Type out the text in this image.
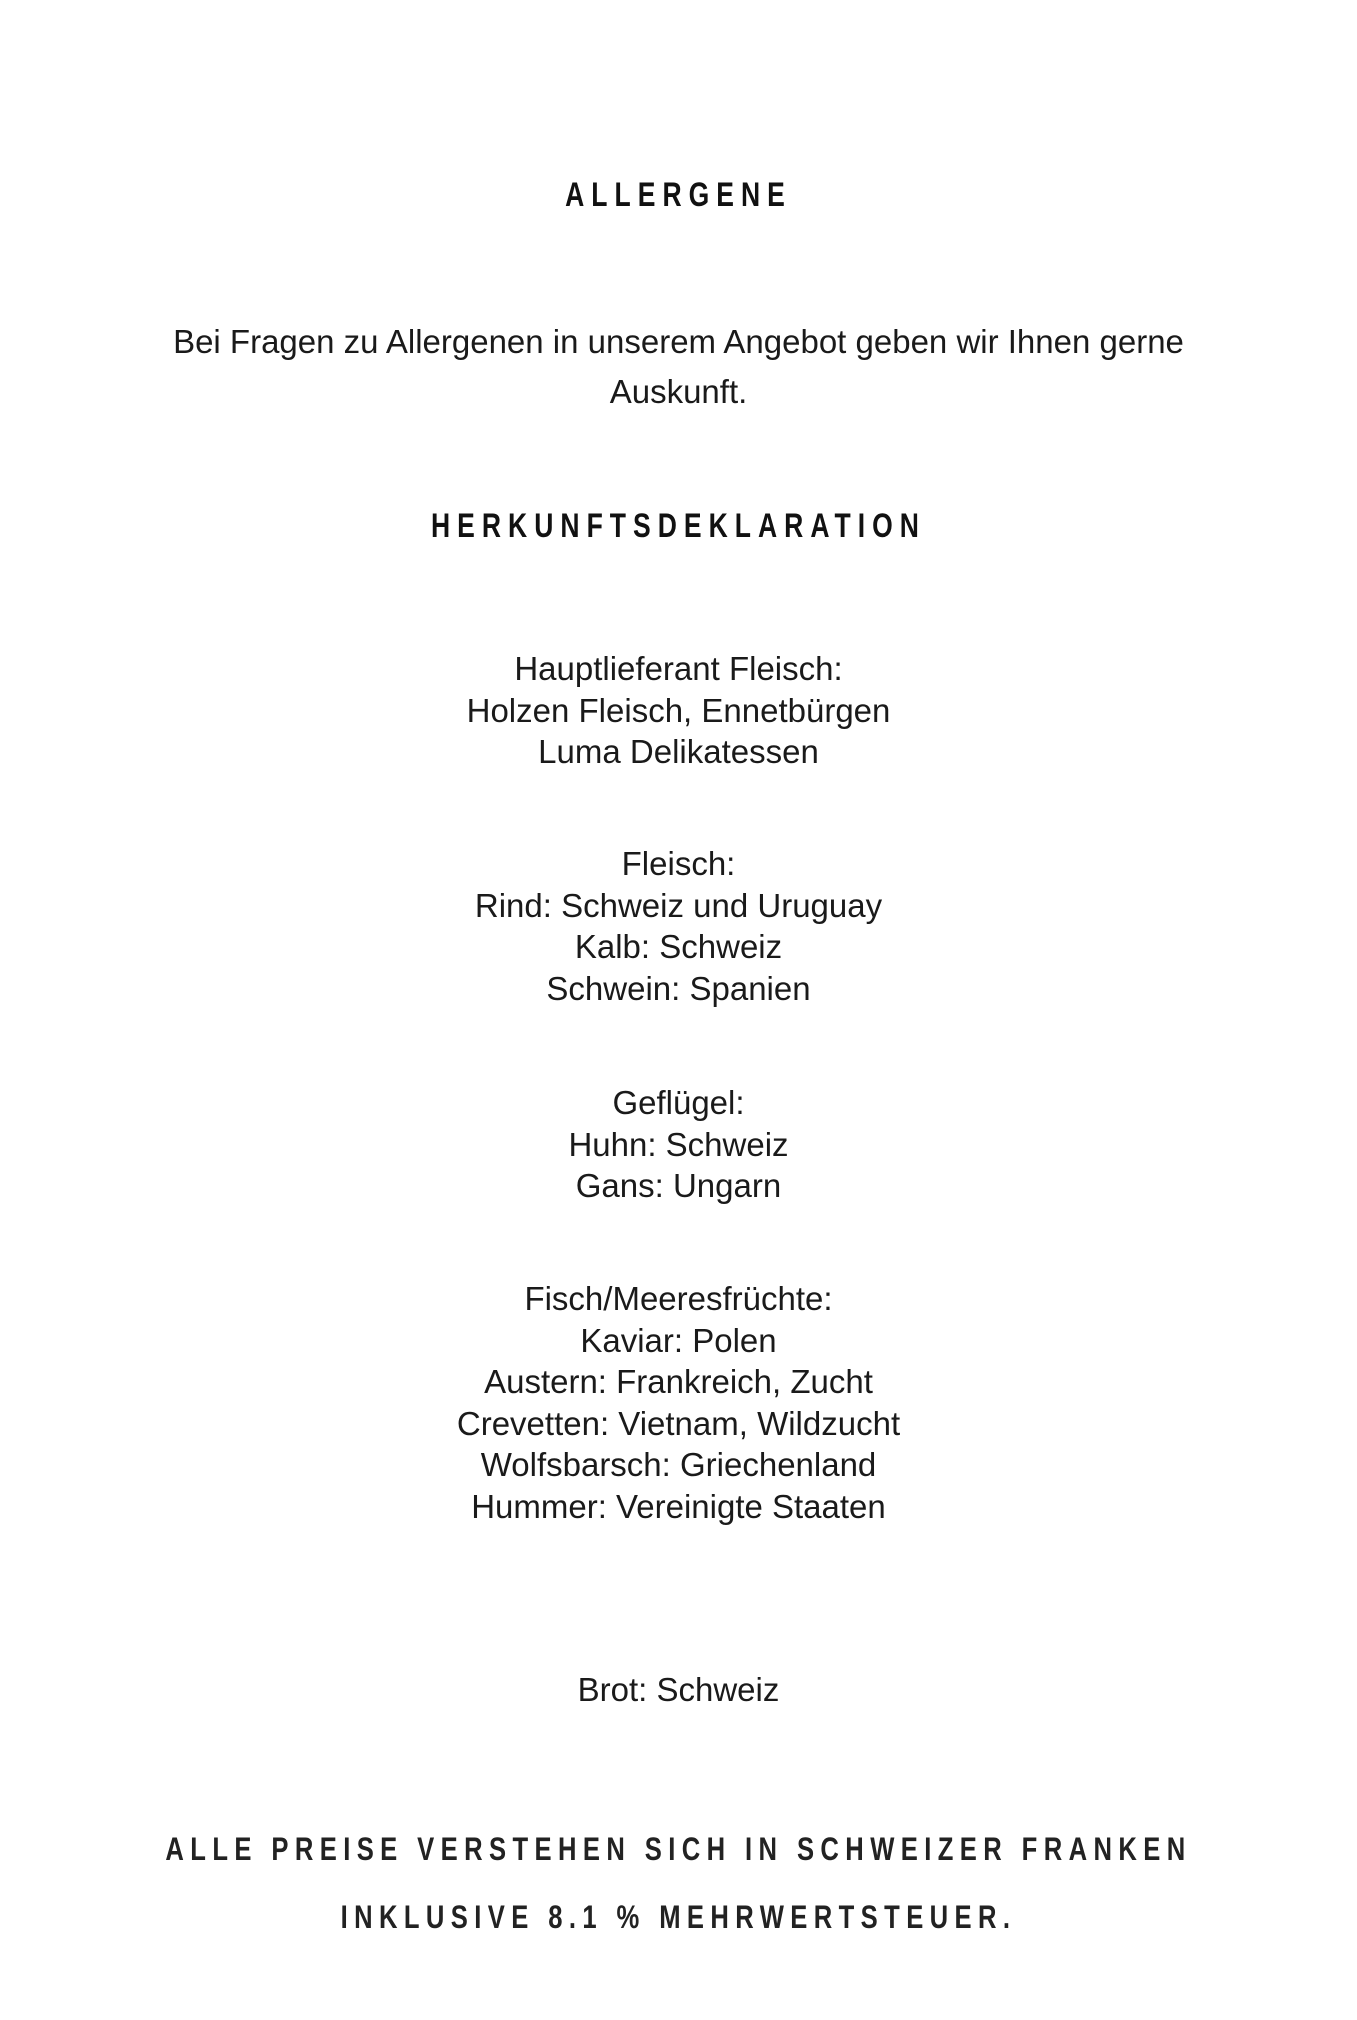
ALLERGENE

Bei Fragen zu Allergenen in unserem Angebot geben wir Ihnen gerne Auskunft.

HERKUNFTSDEKLARATION
Hauptlieferant Fleisch:
Holzen Fleisch, Ennetbürgen
Luma Delikatessen
Fleisch:
Rind: Schweiz und Uruguay
Kalb: Schweiz
Schwein: Spanien
Geflügel:
Huhn: Schweiz
Gans: Ungarn
Fisch/Meeresfrüchte:
Kaviar: Polen
Austern: Frankreich, Zucht
Crevetten: Vietnam, Wildzucht
Wolfsbarsch: Griechenland
Hummer: Vereinigte Staaten
Brot: Schweiz
ALLE PREISE VERSTEHEN SICH IN SCHWEIZER FRANKEN
INKLUSIVE 8.1 % MEHRWERTSTEUER.
